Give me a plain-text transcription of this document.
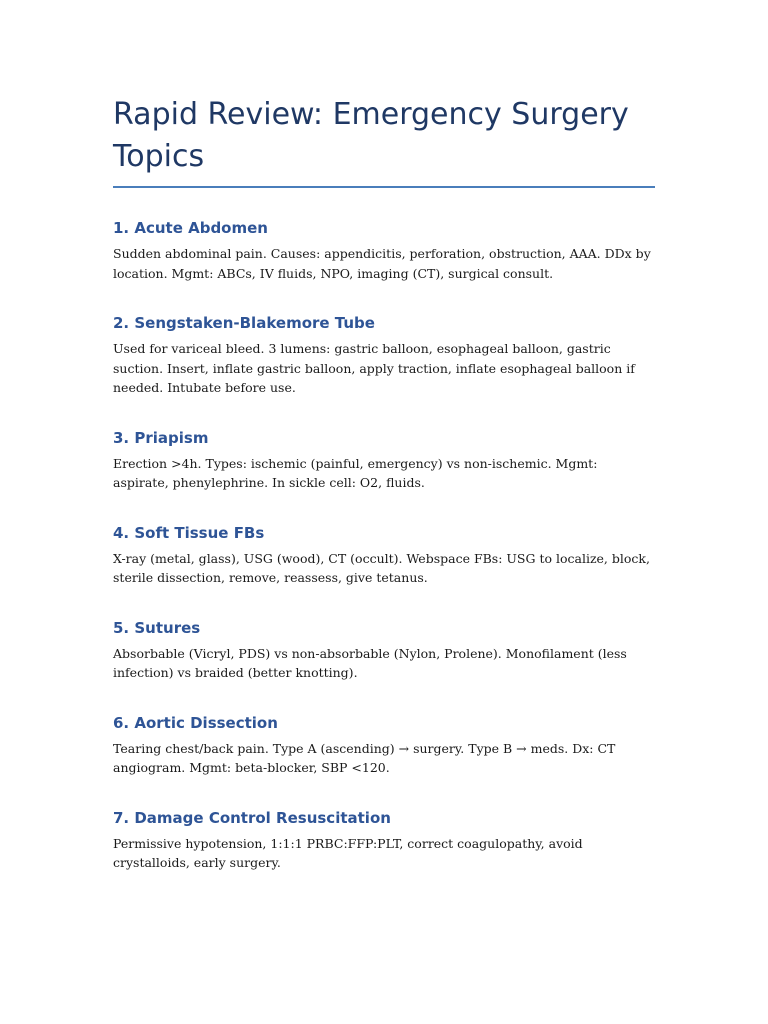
Rapid Review: Emergency Surgery Topics
1. Acute Abdomen

Sudden abdominal pain. Causes: appendicitis, perforation, obstruction, AAA. DDx by location. Mgmt: ABCs, IV fluids, NPO, imaging (CT), surgical consult.

2. Sengstaken-Blakemore Tube

Used for variceal bleed. 3 lumens: gastric balloon, esophageal balloon, gastric suction. Insert, inflate gastric balloon, apply traction, inflate esophageal balloon if needed. Intubate before use.

3. Priapism

Erection >4h. Types: ischemic (painful, emergency) vs non-ischemic. Mgmt: aspirate, phenylephrine. In sickle cell: O2, fluids.

4. Soft Tissue FBs

X-ray (metal, glass), USG (wood), CT (occult). Webspace FBs: USG to localize, block, sterile dissection, remove, reassess, give tetanus.

5. Sutures

Absorbable (Vicryl, PDS) vs non-absorbable (Nylon, Prolene). Monofilament (less infection) vs braided (better knotting).

6. Aortic Dissection

Tearing chest/back pain. Type A (ascending) → surgery. Type B → meds. Dx: CT angiogram. Mgmt: beta-blocker, SBP <120.

7. Damage Control Resuscitation

Permissive hypotension, 1:1:1 PRBC:FFP:PLT, correct coagulopathy, avoid crystalloids, early surgery.
